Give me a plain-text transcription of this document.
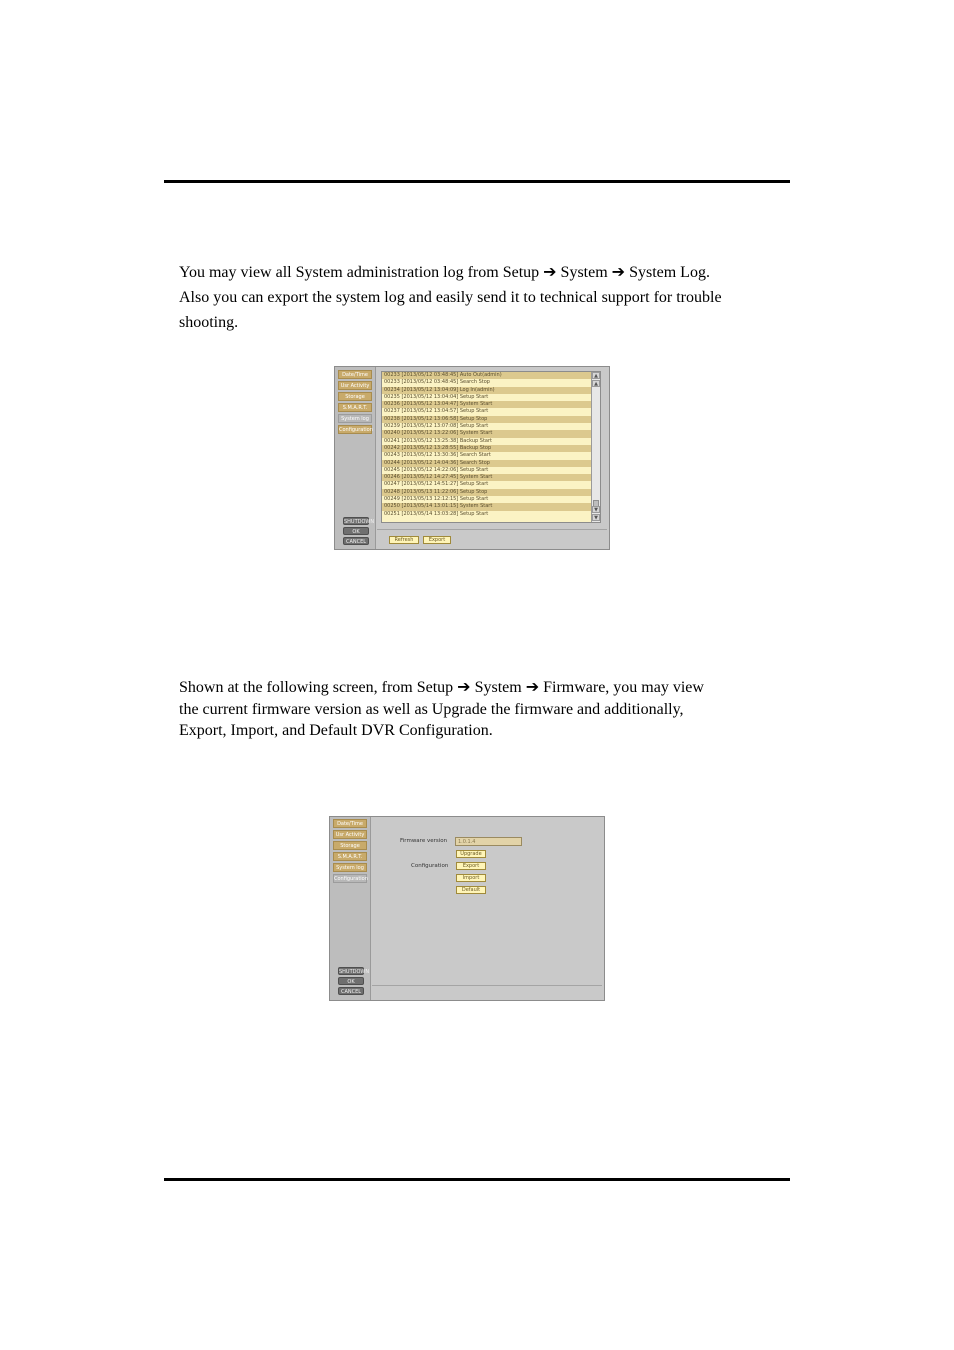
You may view all System administration log from Setup ➔ System ➔ System Log.

Also you can export the system log and easily send it to technical support for trouble

shooting.

Date/Time
Usr Activity
Storage
S.M.A.R.T.
System log
Configuration
SHUTDOWN
OK
CANCEL
00233 [2013/05/12 03:48:45] Auto Out(admin)
00233 [2013/05/12 03:48:45] Search Stop
00234 [2013/05/12 13:04:09] Log In(admin)
00235 [2013/05/12 13:04:04] Setup Start
00236 [2013/05/12 13:04:47] System Start
00237 [2013/05/12 13:04:57] Setup Start
00238 [2013/05/12 13:06:58] Setup Stop
00239 [2013/05/12 13:07:08] Setup Start
00240 [2013/05/12 13:22:06] System Start
00241 [2013/05/12 13:25:38] Backup Start
00242 [2013/05/12 13:28:55] Backup Stop
00243 [2013/05/12 13:30:36] Search Start
00244 [2013/05/12 14:04:36] Search Stop
00245 [2013/05/12 14:22:06] Setup Start
00246 [2013/05/12 14:27:45] System Start
00247 [2013/05/12 14:51:27] Setup Start
00248 [2013/05/13 11:22:06] Setup Stop
00249 [2013/05/13 12:12:15] Setup Start
00250 [2013/05/14 13:01:15] System Start
00251 [2013/05/14 13:03:28] Setup Start
▲
▲
▼
▼
Refresh	Export

Shown at the following screen, from Setup ➔ System ➔ Firmware, you may view

the current firmware version as well as Upgrade the firmware and additionally,

Export, Import, and Default DVR Configuration.

Date/Time
Usr Activity
Storage
S.M.A.R.T.
System log
Configuration
SHUTDOWN
OK
CANCEL
Firmware version	1.0.1.4
Upgrade
Configuration	Export
Import
Default
